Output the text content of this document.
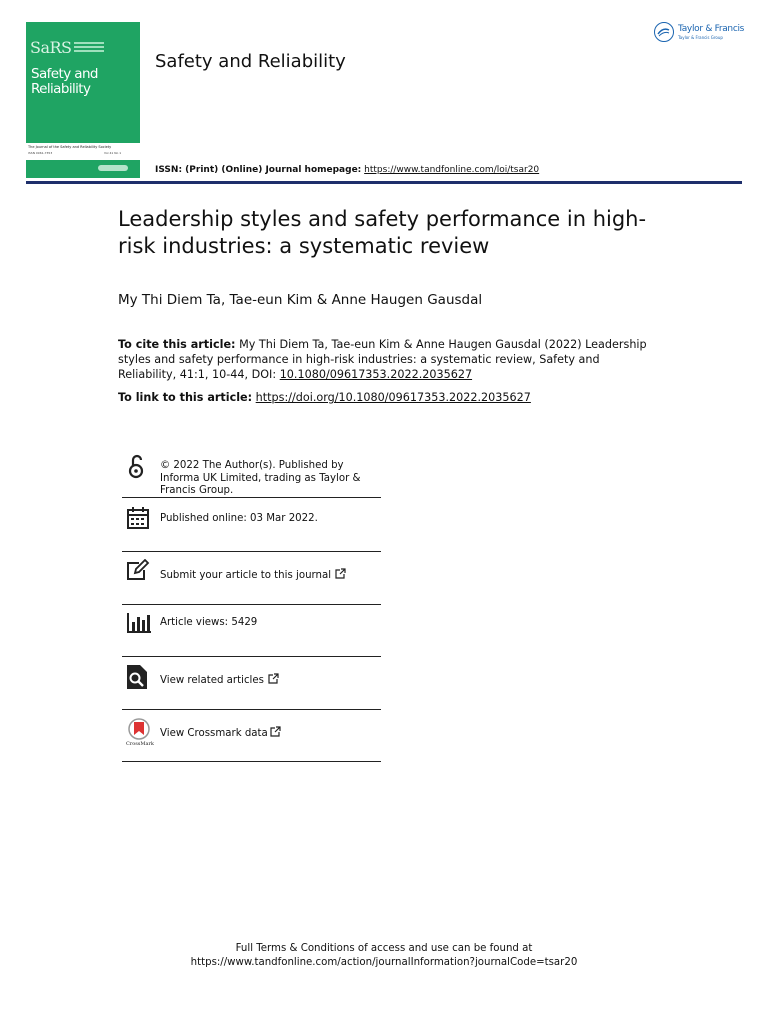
SaRS
Safety and
Reliability
The Journal of the Safety and Reliability Society
ISSN 0961-7353	Vol 41 No 1
Safety and Reliability
Taylor & Francis
Taylor & Francis Group
ISSN: (Print) (Online) Journal homepage: https://www.tandfonline.com/loi/tsar20
Leadership styles and safety performance in high-risk industries: a systematic review
My Thi Diem Ta, Tae-eun Kim & Anne Haugen Gausdal
To cite this article: My Thi Diem Ta, Tae-eun Kim & Anne Haugen Gausdal (2022) Leadership styles and safety performance in high-risk industries: a systematic review, Safety and Reliability, 41:1, 10-44, DOI: 10.1080/09617353.2022.2035627
To link to this article: https://doi.org/10.1080/09617353.2022.2035627
© 2022 The Author(s). Published by Informa UK Limited, trading as Taylor & Francis Group.
Published online: 03 Mar 2022.
Submit your article to this journal
Article views: 5429
View related articles
CrossMark
View Crossmark data
Full Terms & Conditions of access and use can be found at
https://www.tandfonline.com/action/journalInformation?journalCode=tsar20
